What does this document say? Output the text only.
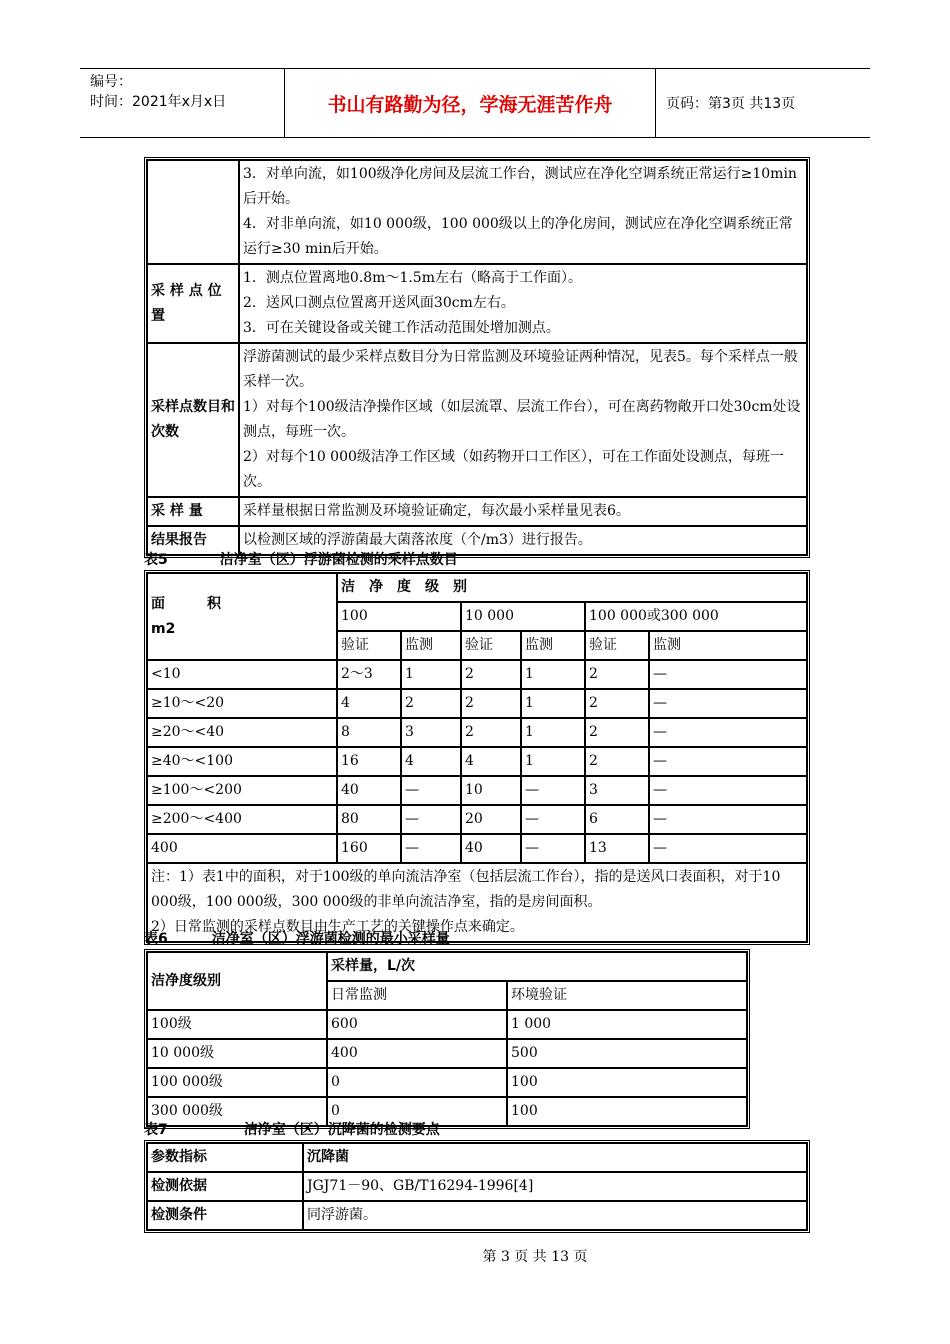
编号：
时间：2021年x月x日	书山有路勤为径，学海无涯苦作舟	页码：第3页 共13页

	3．对单向流，如100级净化房间及层流工作台，测试应在净化空调系统正常运行≥10min后开始。
4．对非单向流，如10 000级，100 000级以上的净化房间，测试应在净化空调系统正常运行≥30 min后开始。

采 样 点 位 置	1．测点位置离地0.8m～1.5m左右（略高于工作面）。
2．送风口测点位置离开送风面30cm左右。
3．可在关键设备或关键工作活动范围处增加测点。

采样点数目和次数	浮游菌测试的最少采样点数目分为日常监测及环境验证两种情况，见表5。每个采样点一般采样一次。
1）对每个100级洁净操作区域（如层流罩、层流工作台），可在离药物敞开口处30cm处设测点，每班一次。
2）对每个10 000级洁净工作区域（如药物开口工作区），可在工作面处设测点，每班一次。

采 样 量	采样量根据日常监测及环境验证确定，每次最小采样量见表6。

结果报告	以检测区域的浮游菌最大菌落浓度（个/m3）进行报告。
表5	洁净室（区）浮游菌检测的采样点数目
面　　　积
m2	洁　净　度　级　别					
	100		10 000		100 000或300 000	
	验证	监测	验证	监测	验证	监测
<10	2～3	1	2	1	2	—
≥10～<20	4	2	2	1	2	—
≥20～<40	8	3	2	1	2	—
≥40～<100	16	4	4	1	2	—
≥100～<200	40	—	10	—	3	—
≥200～<400	80	—	20	—	6	—
400	160	—	40	—	13	—

注：1）表1中的面积，对于100级的单向流洁净室（包括层流工作台），指的是送风口表面积，对于10 000级，100 000级，300 000级的非单向流洁净室，指的是房间面积。
2）日常监测的采样点数目由生产工艺的关键操作点来确定。						
表6	洁净室（区）浮游菌检测的最小采样量
洁净度级别	采样量，L/次	
	日常监测	环境验证
100级	600	1 000
10 000级	400	500
100 000级	0	100
300 000级	0	100
表7	洁净室（区）沉降菌的检测要点
参数指标	沉降菌
检测依据	JGJ71－90、GB/T16294-1996[4]
检测条件	同浮游菌。
第 3 页 共 13 页
